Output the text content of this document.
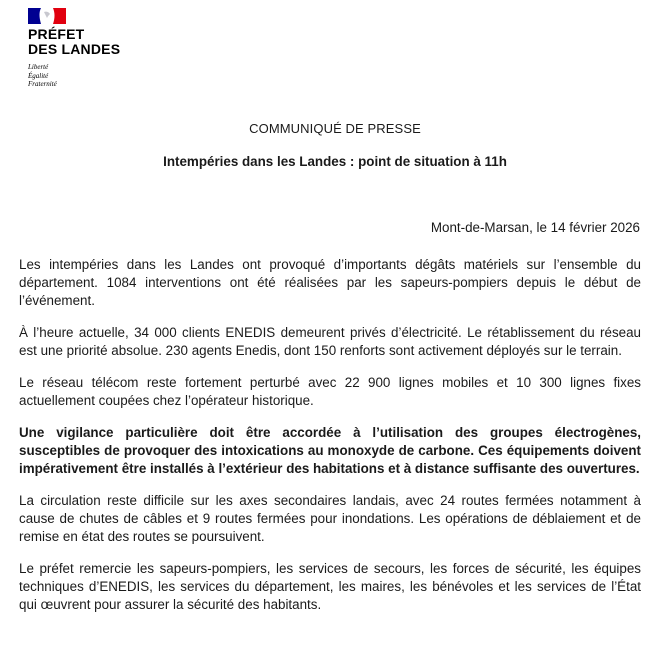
PRÉFET
DES LANDES
Liberté
Égalité
Fraternité
COMMUNIQUÉ DE PRESSE
Intempéries dans les Landes : point de situation à 11h
Mont-de-Marsan, le 14 février 2026

Les intempéries dans les Landes ont provoqué d’importants dégâts matériels sur l’ensemble du département. 1084 interventions ont été réalisées par les sapeurs-pompiers depuis le début de l’événement.

À l’heure actuelle, 34 000 clients ENEDIS demeurent privés d’électricité. Le rétablissement du réseau est une priorité absolue. 230 agents Enedis, dont 150 renforts sont activement déployés sur le terrain.

Le réseau télécom reste fortement perturbé avec 22 900 lignes mobiles et 10 300 lignes fixes actuellement coupées chez l’opérateur historique.

Une vigilance particulière doit être accordée à l’utilisation des groupes électrogènes, susceptibles de provoquer des intoxications au monoxyde de carbone. Ces équipements doivent impérativement être installés à l’extérieur des habitations et à distance suffisante des ouvertures.

La circulation reste difficile sur les axes secondaires landais, avec 24 routes fermées notamment à cause de chutes de câbles et 9 routes fermées pour inondations. Les opérations de déblaiement et de remise en état des routes se poursuivent.

Le préfet remercie les sapeurs-pompiers, les services de secours, les forces de sécurité, les équipes techniques d’ENEDIS, les services du département, les maires, les bénévoles et les services de l’État qui œuvrent pour assurer la sécurité des habitants.
